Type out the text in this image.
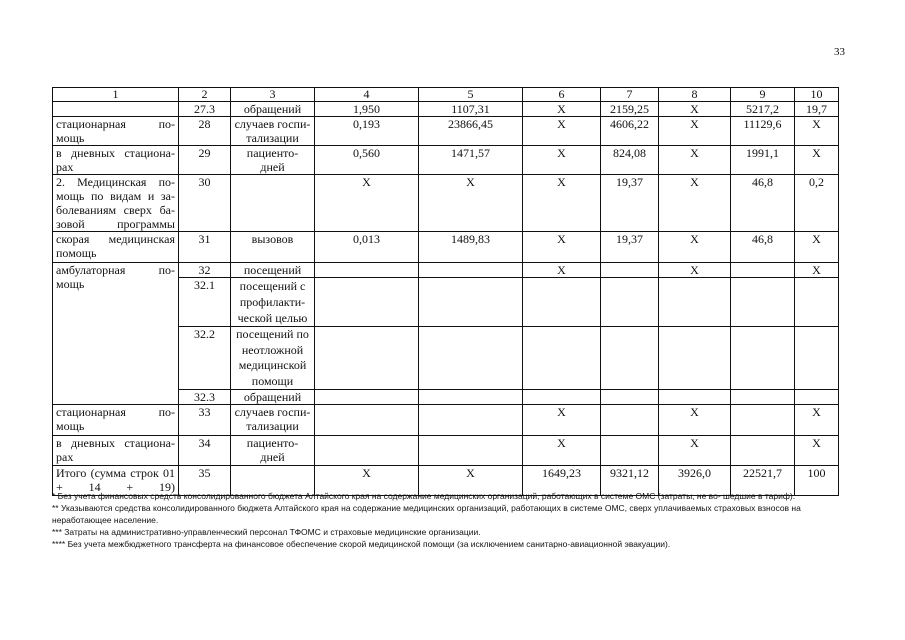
33
1	2	3	4	5	6	7	8	9	10
	27.3	обращений	1,950	1107,31	Х	2159,25	Х	5217,2	19,7
стационарная по- мощь	28	случаев госпи- тализации	0,193	23866,45	Х	4606,22	Х	11129,6	Х
в дневных стациона- рах	29	пациенто- дней	0,560	1471,57	Х	824,08	Х	1991,1	Х
2. Медицинская по- мощь по видам и за- болеваниям сверх ба- зовой программы	30		Х	Х	Х	19,37	Х	46,8	0,2
скорая медицинская помощь	31	вызовов	0,013	1489,83	Х	19,37	Х	46,8	Х
амбулаторная по- мощь	32	посещений			Х		Х		Х
	32.1	посещений с профилакти- ческой целью							
	32.2	посещений по неотложной медицинской помощи							
	32.3	обращений							
стационарная по- мощь	33	случаев госпи- тализации			Х		Х		Х
в дневных стациона- рах	34	пациенто- дней			Х		Х		Х
Итого (сумма строк 01 + 14 + 19)	35		Х	Х	1649,23	9321,12	3926,0	22521,7	100

* Без учета финансовых средств консолидированного бюджета Алтайского края на содержание медицинских организаций, работающих в системе ОМС (затраты, не во- шедшие в тариф).

** Указываются средства консолидированного бюджета Алтайского края на содержание медицинских организаций, работающих в системе ОМС, сверх уплачиваемых страховых взносов на неработающее население.

*** Затраты на административно-управленческий персонал ТФОМС и страховые медицинские организации.

**** Без учета межбюджетного трансферта на финансовое обеспечение скорой медицинской помощи (за исключением санитарно-авиационной эвакуации).
